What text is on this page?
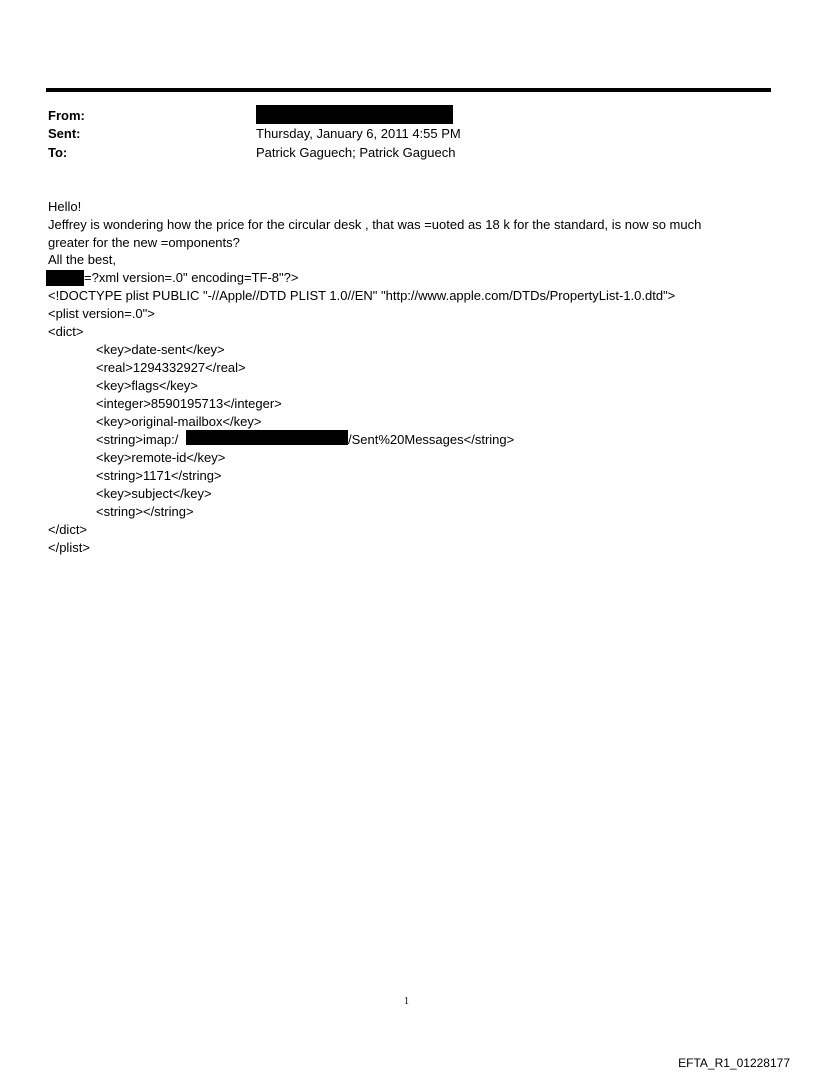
From:
Sent:	Thursday, January 6, 2011 4:55 PM
To:	Patrick Gaguech; Patrick Gaguech
Hello!
Jeffrey is wondering how the price for the circular desk , that was =uoted as 18 k for the standard, is now so much
greater for the new =omponents?
All the best,
=?xml version=.0" encoding=TF-8"?>
<!DOCTYPE plist PUBLIC "-//Apple//DTD PLIST 1.0//EN" "http://www.apple.com/DTDs/PropertyList-1.0.dtd">
<plist version=.0">
<dict>
<key>date-sent</key>
<real>1294332927</real>
<key>flags</key>
<integer>8590195713</integer>
<key>original-mailbox</key>
<string>imap:/	/Sent%20Messages</string>
<key>remote-id</key>
<string>1171</string>
<key>subject</key>
<string></string>
</dict>
</plist>
1
EFTA_R1_01228177
